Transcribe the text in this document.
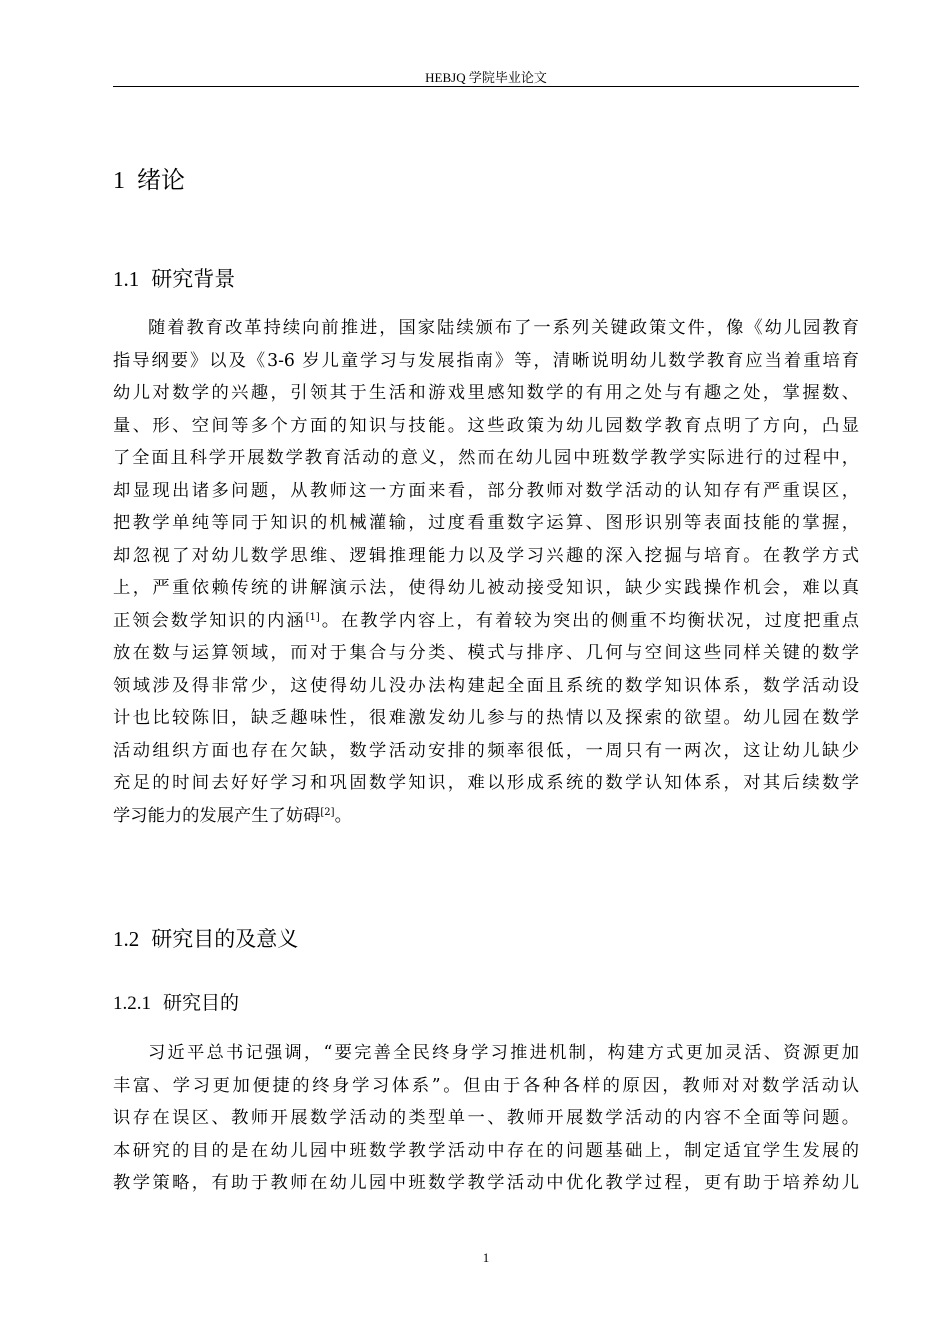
HEBJQ 学院毕业论文
1 绪论
1.1 研究背景
随着教育改革持续向前推进，国家陆续颁布了一系列关键政策文件，像《幼儿园教育
指导纲要》以及《3-6 岁儿童学习与发展指南》等，清晰说明幼儿数学教育应当着重培育
幼儿对数学的兴趣，引领其于生活和游戏里感知数学的有用之处与有趣之处，掌握数、
量、形、空间等多个方面的知识与技能。这些政策为幼儿园数学教育点明了方向，凸显
了全面且科学开展数学教育活动的意义，然而在幼儿园中班数学教学实际进行的过程中，
却显现出诸多问题，从教师这一方面来看，部分教师对数学活动的认知存有严重误区，
把教学单纯等同于知识的机械灌输，过度看重数字运算、图形识别等表面技能的掌握，
却忽视了对幼儿数学思维、逻辑推理能力以及学习兴趣的深入挖掘与培育。在教学方式
上，严重依赖传统的讲解演示法，使得幼儿被动接受知识，缺少实践操作机会，难以真
正领会数学知识的内涵[1]。在教学内容上，有着较为突出的侧重不均衡状况，过度把重点
放在数与运算领域，而对于集合与分类、模式与排序、几何与空间这些同样关键的数学
领域涉及得非常少，这使得幼儿没办法构建起全面且系统的数学知识体系，数学活动设
计也比较陈旧，缺乏趣味性，很难激发幼儿参与的热情以及探索的欲望。幼儿园在数学
活动组织方面也存在欠缺，数学活动安排的频率很低，一周只有一两次，这让幼儿缺少
充足的时间去好好学习和巩固数学知识，难以形成系统的数学认知体系，对其后续数学
学习能力的发展产生了妨碍[2]。
1.2 研究目的及意义
1.2.1 研究目的
习近平总书记强调，“要完善全民终身学习推进机制，构建方式更加灵活、资源更加
丰富、学习更加便捷的终身学习体系”。但由于各种各样的原因，教师对对数学活动认
识存在误区、教师开展数学活动的类型单一、教师开展数学活动的内容不全面等问题。
本研究的目的是在幼儿园中班数学教学活动中存在的问题基础上，制定适宜学生发展的
教学策略，有助于教师在幼儿园中班数学教学活动中优化教学过程，更有助于培养幼儿
1
